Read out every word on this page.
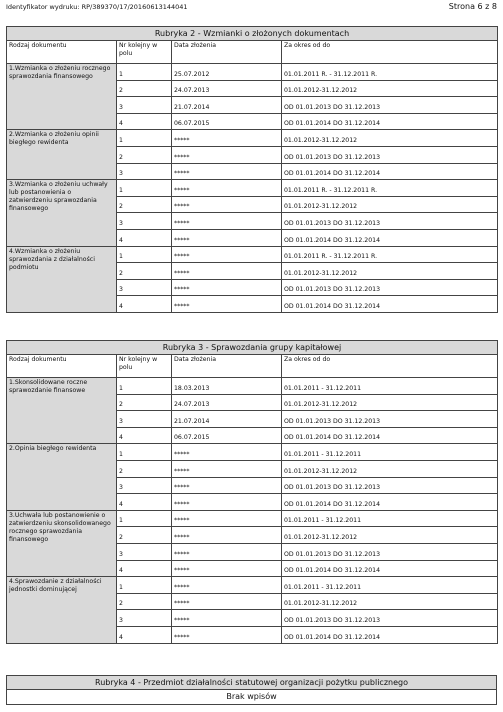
Identyfikator wydruku: RP/389370/17/20160613144041	Strona 6 z 8
Rubryka 2 - Wzmianki o złożonych dokumentach			
Rodzaj dokumentu	Nr kolejny w polu	Data złożenia	Za okres od do
1.Wzmianka o złożeniu rocznego sprawozdania finansowego	1	25.07.2012	01.01.2011 R. - 31.12.2011 R.
	2	24.07.2013	01.01.2012-31.12.2012
	3	21.07.2014	OD 01.01.2013 DO 31.12.2013
	4	06.07.2015	OD 01.01.2014 DO 31.12.2014
2.Wzmianka o złożeniu opinii biegłego rewidenta	1	*****	01.01.2012-31.12.2012
	2	*****	OD 01.01.2013 DO 31.12.2013
	3	*****	OD 01.01.2014 DO 31.12.2014
3.Wzmianka o złożeniu uchwały lub postanowienia o zatwierdzeniu sprawozdania finansowego	1	*****	01.01.2011 R. - 31.12.2011 R.
	2	*****	01.01.2012-31.12.2012
	3	*****	OD 01.01.2013 DO 31.12.2013
	4	*****	OD 01.01.2014 DO 31.12.2014
4.Wzmianka o złożeniu sprawozdania z działalności podmiotu	1	*****	01.01.2011 R. - 31.12.2011 R.
	2	*****	01.01.2012-31.12.2012
	3	*****	OD 01.01.2013 DO 31.12.2013
	4	*****	OD 01.01.2014 DO 31.12.2014
Rubryka 3 - Sprawozdania grupy kapitałowej			
Rodzaj dokumentu	Nr kolejny w polu	Data złożenia	Za okres od do
1.Skonsolidowane roczne sprawozdanie finansowe	1	18.03.2013	01.01.2011 - 31.12.2011
	2	24.07.2013	01.01.2012-31.12.2012
	3	21.07.2014	OD 01.01.2013 DO 31.12.2013
	4	06.07.2015	OD 01.01.2014 DO 31.12.2014
2.Opinia biegłego rewidenta	1	*****	01.01.2011 - 31.12.2011
	2	*****	01.01.2012-31.12.2012
	3	*****	OD 01.01.2013 DO 31.12.2013
	4	*****	OD 01.01.2014 DO 31.12.2014
3.Uchwała lub postanowienie o zatwierdzeniu skonsolidowanego rocznego sprawozdania finansowego	1	*****	01.01.2011 - 31.12.2011
	2	*****	01.01.2012-31.12.2012
	3	*****	OD 01.01.2013 DO 31.12.2013
	4	*****	OD 01.01.2014 DO 31.12.2014
4.Sprawozdanie z działalności jednostki dominującej	1	*****	01.01.2011 - 31.12.2011
	2	*****	01.01.2012-31.12.2012
	3	*****	OD 01.01.2013 DO 31.12.2013
	4	*****	OD 01.01.2014 DO 31.12.2014
Rubryka 4 - Przedmiot działalności statutowej organizacji pożytku publicznego
Brak wpisów
